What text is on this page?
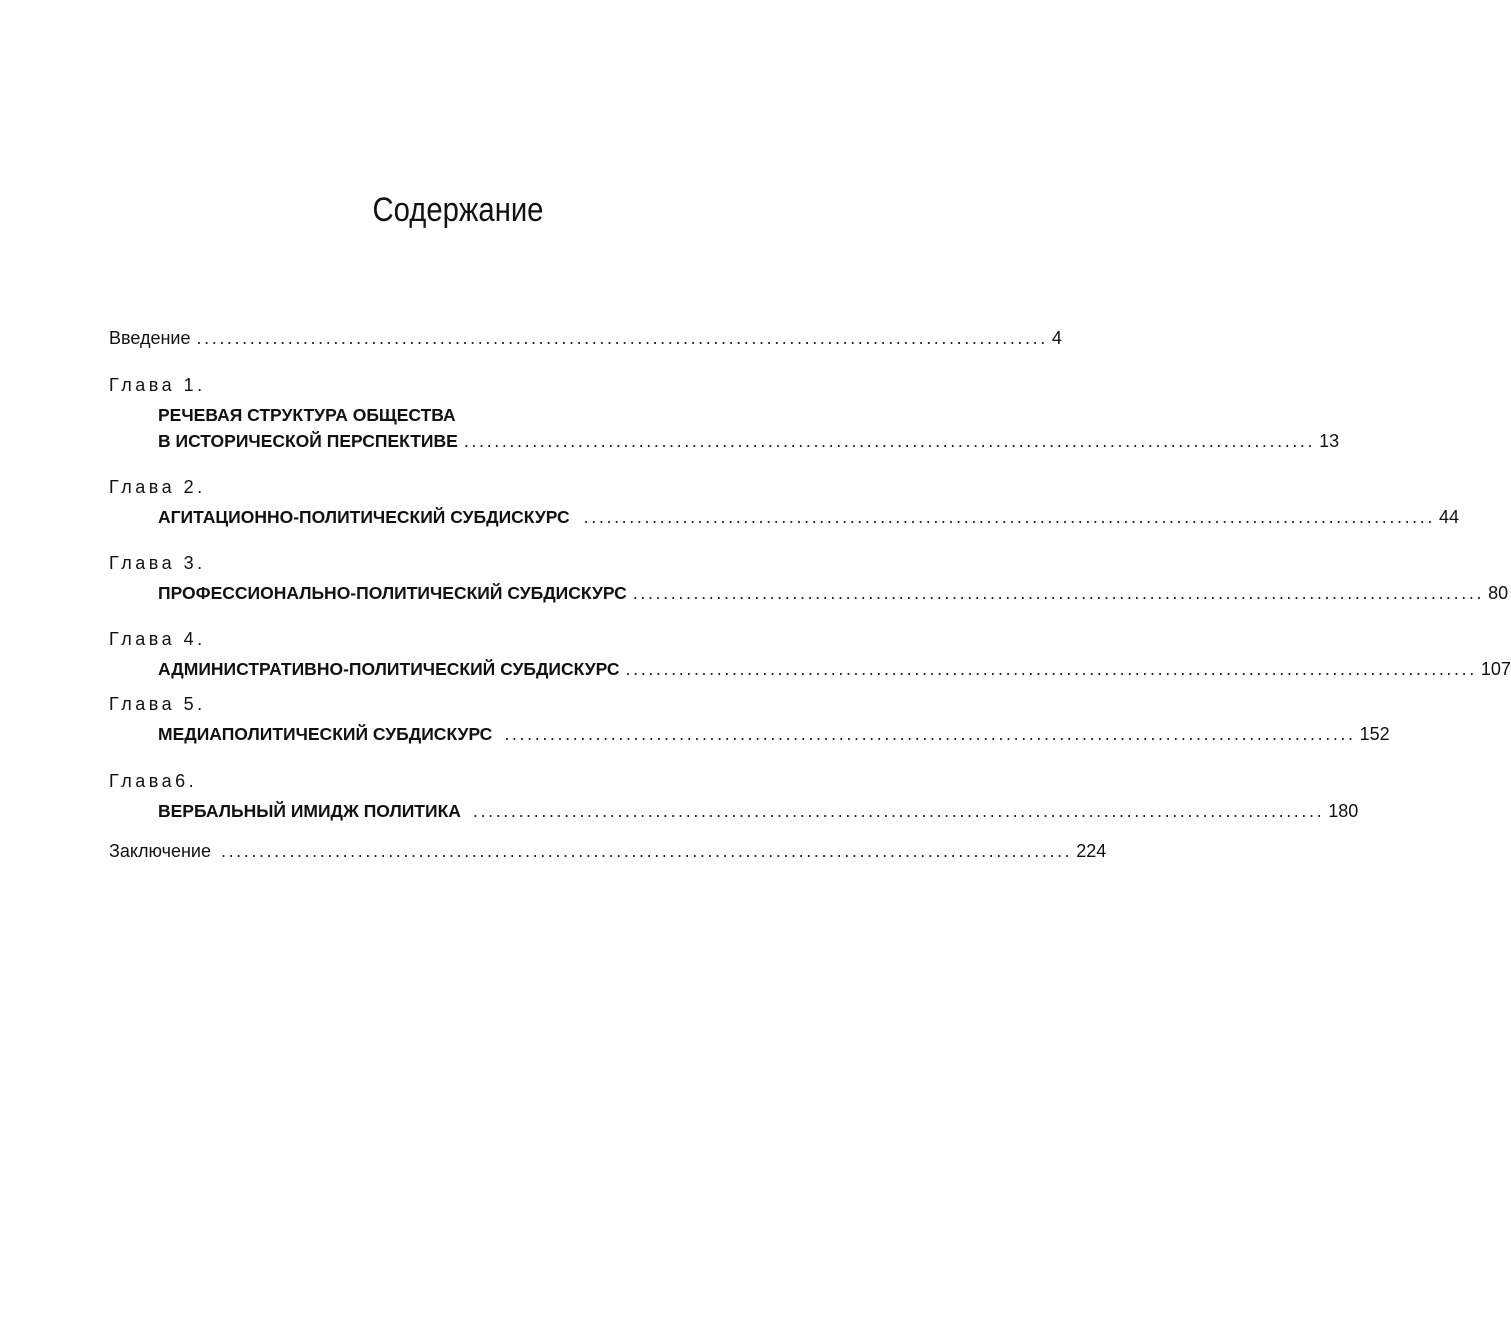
Содержание
Введение ................................................................................................................ 4
Глава 1.
РЕЧЕВАЯ СТРУКТУРА ОБЩЕСТВА
В ИСТОРИЧЕСКОЙ ПЕРСПЕКТИВЕ ................................................................................................................ 13
Глава 2.
АГИТАЦИОННО-ПОЛИТИЧЕСКИЙ СУБДИСКУРС ................................................................................................................ 44
Глава 3.
ПРОФЕССИОНАЛЬНО-ПОЛИТИЧЕСКИЙ СУБДИСКУРС ................................................................................................................ 80
Глава 4.
АДМИНИСТРАТИВНО-ПОЛИТИЧЕСКИЙ СУБДИСКУРС ................................................................................................................ 107
Глава 5.
МЕДИАПОЛИТИЧЕСКИЙ СУБДИСКУРС ................................................................................................................ 152
Глава6.
ВЕРБАЛЬНЫЙ ИМИДЖ ПОЛИТИКА ................................................................................................................ 180
Заключение ................................................................................................................ 224
